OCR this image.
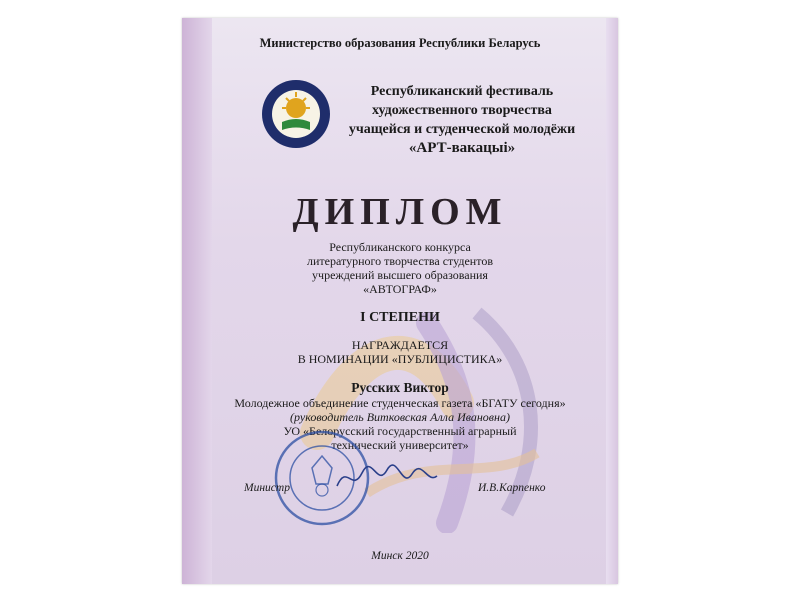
Министерство образования Республики Беларусь
Республиканский фестиваль
художественного творчества
учащейся и студенческой молодёжи
«АРТ-вакацыі»
ДИПЛОМ
Республиканского конкурса
литературного творчества студентов
учреждений высшего образования
«АВТОГРАФ»
I СТЕПЕНИ
НАГРАЖДАЕТСЯ
В НОМИНАЦИИ «ПУБЛИЦИСТИКА»
Русских Виктор
Молодежное объединение студенческая газета «БГАТУ сегодня»
(руководитель Витковская Алла Ивановна)
УО «Белорусский государственный аграрный
технический университет»
Министр	И.В.Карпенко
Минск 2020
